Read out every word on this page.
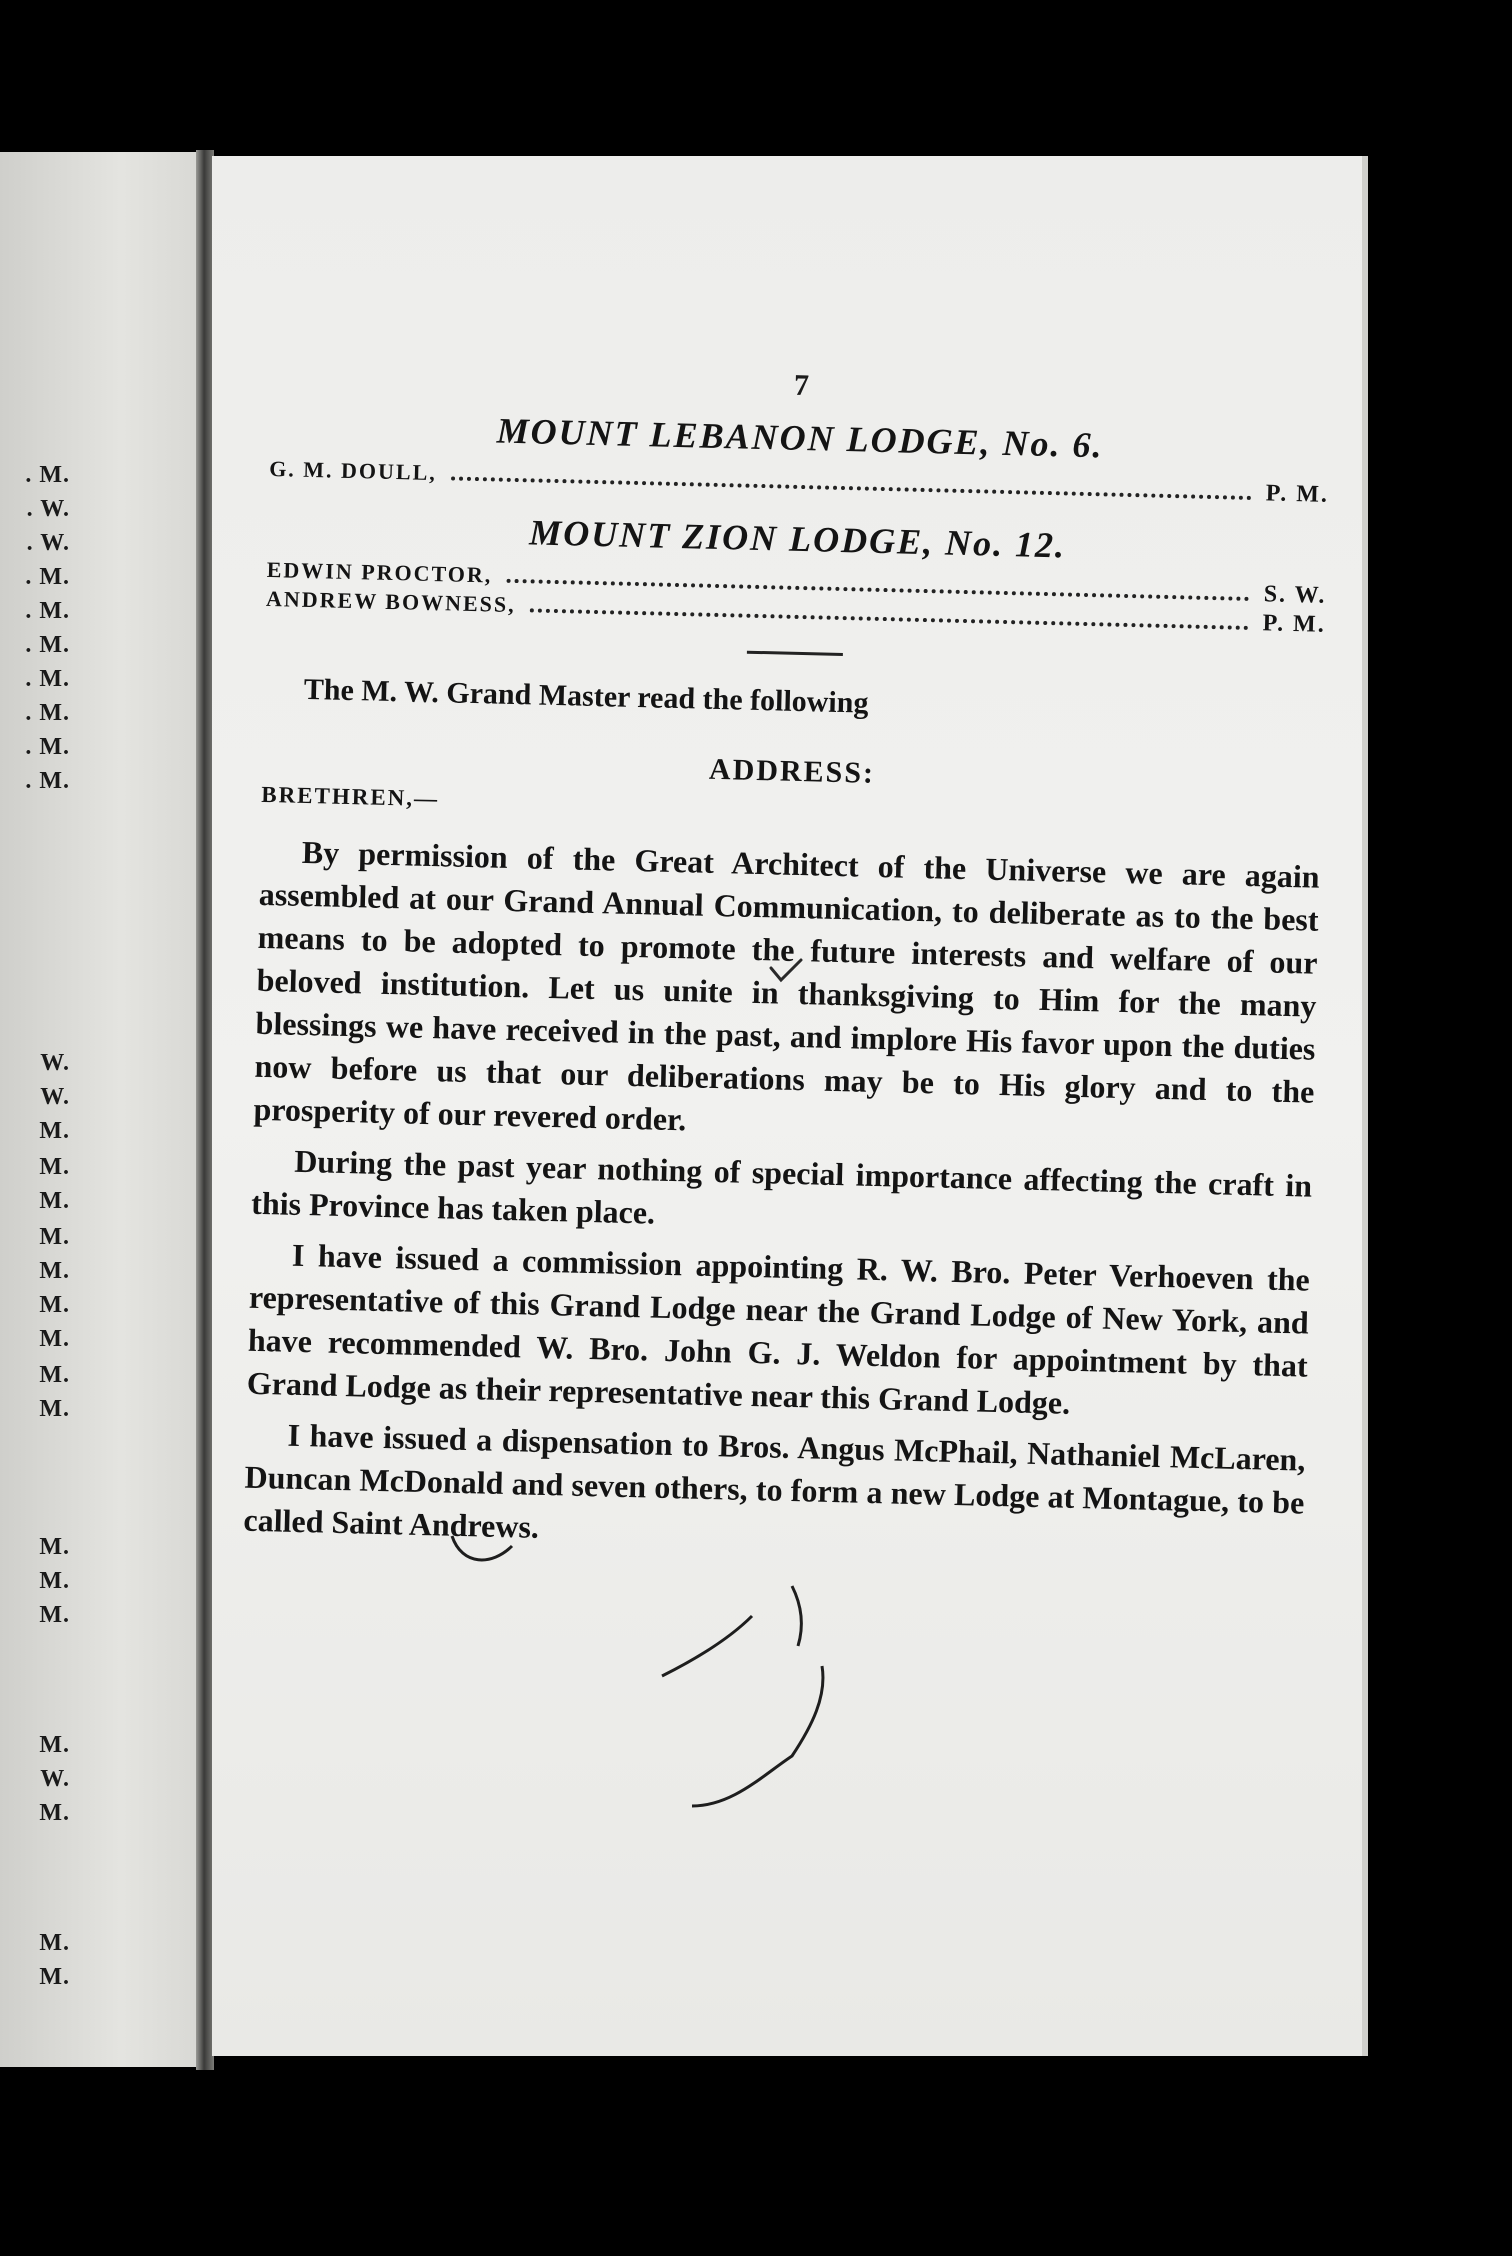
. M.
. W.
. W.
. M.
. M.
. M.
. M.
. M.
. M.
. M.
W.
W.
M.
M.
M.
M.
M.
M.
M.
M.
M.
M.
M.
M.
M.
W.
M.
M.
M.
7
MOUNT LEBANON LODGE, No. 6.
G. M. DOULL,
P. M.
MOUNT ZION LODGE, No. 12.
EDWIN PROCTOR,
S. W.
ANDREW BOWNESS,
P. M.
The M. W. Grand Master read the following
ADDRESS:
BRETHREN,—

By permission of the Great Architect of the Universe we are again assembled at our Grand Annual Communication, to deliberate as to the best means to be adopted to promote the future interests and welfare of our beloved institution. Let us unite in thanksgiving to Him for the many blessings we have received in the past, and implore His favor upon the duties now before us that our deliberations may be to His glory and to the prosperity of our revered order.

During the past year nothing of special importance affecting the craft in this Province has taken place.

I have issued a commission appointing R. W. Bro. Peter Verhoeven the representative of this Grand Lodge near the Grand Lodge of New York, and have recommended W. Bro. John G. J. Weldon for appointment by that Grand Lodge as their representative near this Grand Lodge.

I have issued a dispensation to Bros. Angus McPhail, Nathaniel McLaren, Duncan McDonald and seven others, to form a new Lodge at Montague, to be called Saint Andrews.
